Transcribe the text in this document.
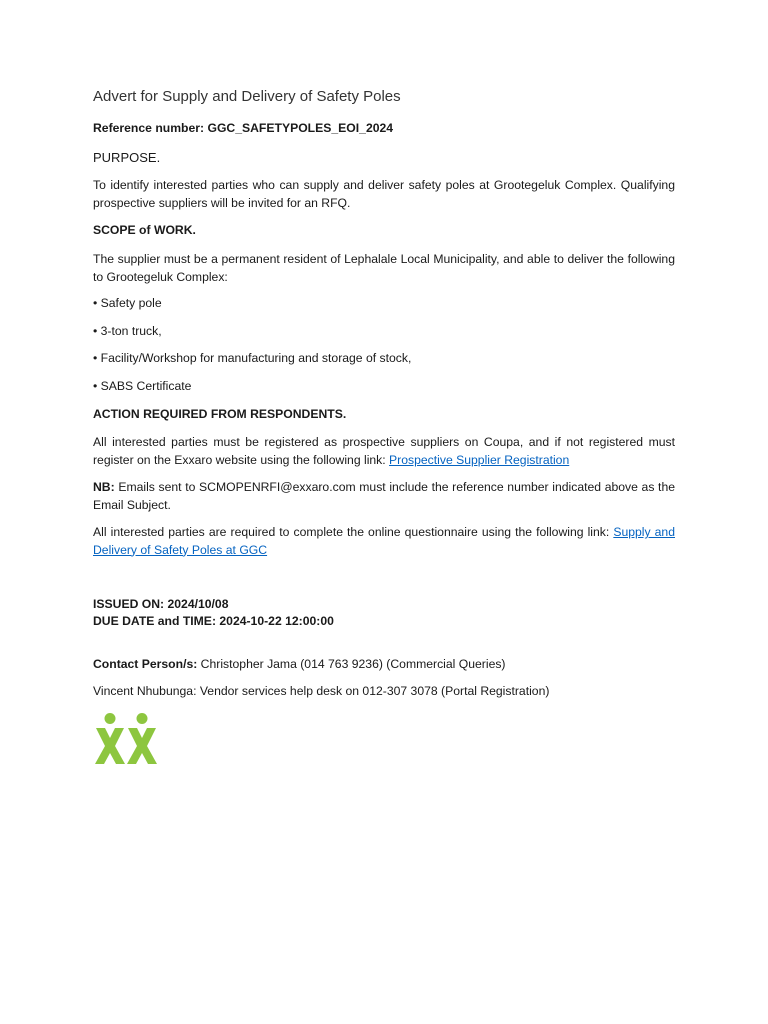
Advert for Supply and Delivery of Safety Poles
Reference number: GGC_SAFETYPOLES_EOI_2024
PURPOSE.
To identify interested parties who can supply and deliver safety poles at Grootegeluk Complex. Qualifying prospective suppliers will be invited for an RFQ.
SCOPE of WORK.
The supplier must be a permanent resident of Lephalale Local Municipality, and able to deliver the following to Grootegeluk Complex:
• Safety pole
• 3-ton truck,
• Facility/Workshop for manufacturing and storage of stock,
• SABS Certificate
ACTION REQUIRED FROM RESPONDENTS.
All interested parties must be registered as prospective suppliers on Coupa, and if not registered must register on the Exxaro website using the following link: Prospective Supplier Registration
NB: Emails sent to SCMOPENRFI@exxaro.com must include the reference number indicated above as the Email Subject.
All interested parties are required to complete the online questionnaire using the following link: Supply and Delivery of Safety Poles at GGC
ISSUED ON: 2024/10/08
DUE DATE and TIME: 2024-10-22 12:00:00
Contact Person/s: Christopher Jama (014 763 9236) (Commercial Queries)
Vincent Nhubunga: Vendor services help desk on 012-307 3078 (Portal Registration)
